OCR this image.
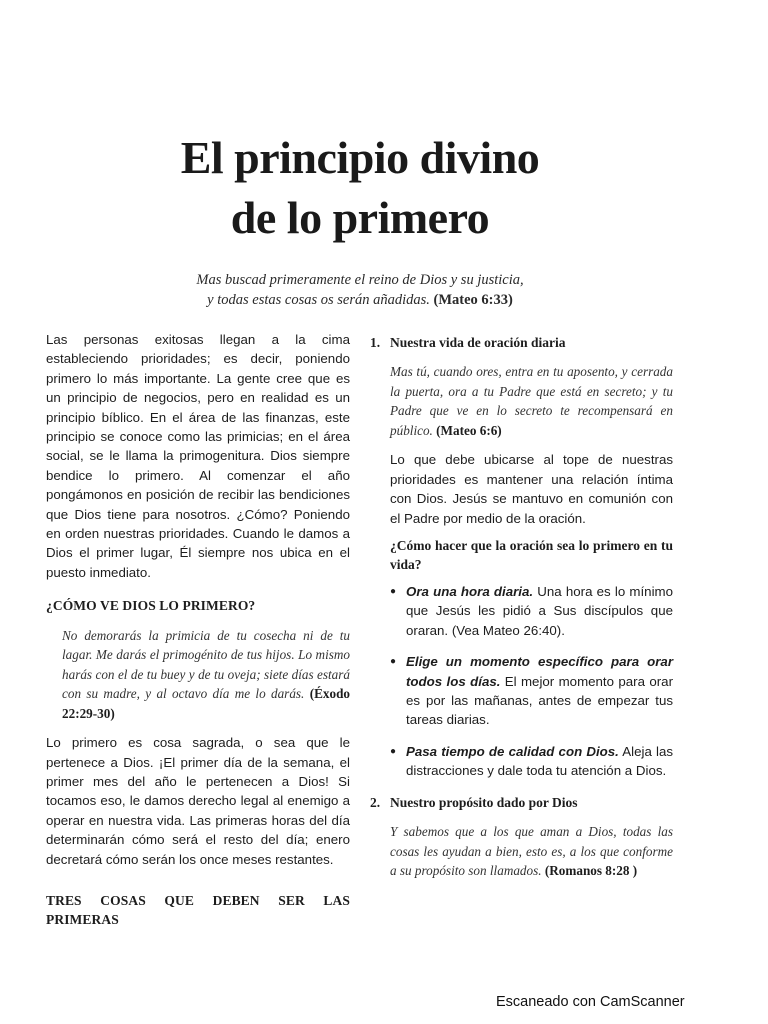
El principio divino
de lo primero
Mas buscad primeramente el reino de Dios y su justicia,
y todas estas cosas os serán añadidas. (Mateo 6:33)

Las personas exitosas llegan a la cima estableciendo prioridades; es decir, poniendo primero lo más importante. La gente cree que es un principio de negocios, pero en realidad es un principio bíblico. En el área de las finanzas, este principio se conoce como las primicias; en el área social, se le llama la primogenitura. Dios siempre bendice lo primero. Al comenzar el año pongámonos en posición de recibir las bendiciones que Dios tiene para nosotros. ¿Cómo? Poniendo en orden nuestras prioridades. Cuando le damos a Dios el primer lugar, Él siempre nos ubica en el puesto inmediato.

¿CÓMO VE DIOS LO PRIMERO?

No demorarás la primicia de tu cosecha ni de tu lagar. Me darás el primogénito de tus hijos. Lo mismo harás con el de tu buey y de tu oveja; siete días estará con su madre, y al octavo día me lo darás. (Éxodo 22:29-30)

Lo primero es cosa sagrada, o sea que le pertenece a Dios. ¡El primer día de la semana, el primer mes del año le pertenecen a Dios! Si tocamos eso, le damos derecho legal al enemigo a operar en nuestra vida. Las primeras horas del día determinarán cómo será el resto del día; enero decretará cómo serán los once meses restantes.

TRES COSAS QUE DEBEN SER LAS PRIMERAS
1. Nuestra vida de oración diaria

Mas tú, cuando ores, entra en tu aposento, y cerrada la puerta, ora a tu Padre que está en secreto; y tu Padre que ve en lo secreto te recompensará en público. (Mateo 6:6)

Lo que debe ubicarse al tope de nuestras prioridades es mantener una relación íntima con Dios. Jesús se mantuvo en comunión con el Padre por medio de la oración.

¿Cómo hacer que la oración sea lo primero en tu vida?
● Ora una hora diaria. Una hora es lo mínimo que Jesús les pidió a Sus discípulos que oraran. (Vea Mateo 26:40).
● Elige un momento específico para orar todos los días. El mejor momento para orar es por las mañanas, antes de empezar tus tareas diarias.
● Pasa tiempo de calidad con Dios. Aleja las distracciones y dale toda tu atención a Dios.
2. Nuestro propósito dado por Dios

Y sabemos que a los que aman a Dios, todas las cosas les ayudan a bien, esto es, a los que conforme a su propósito son llamados. (Romanos 8:28 )

Escaneado con CamScanner
